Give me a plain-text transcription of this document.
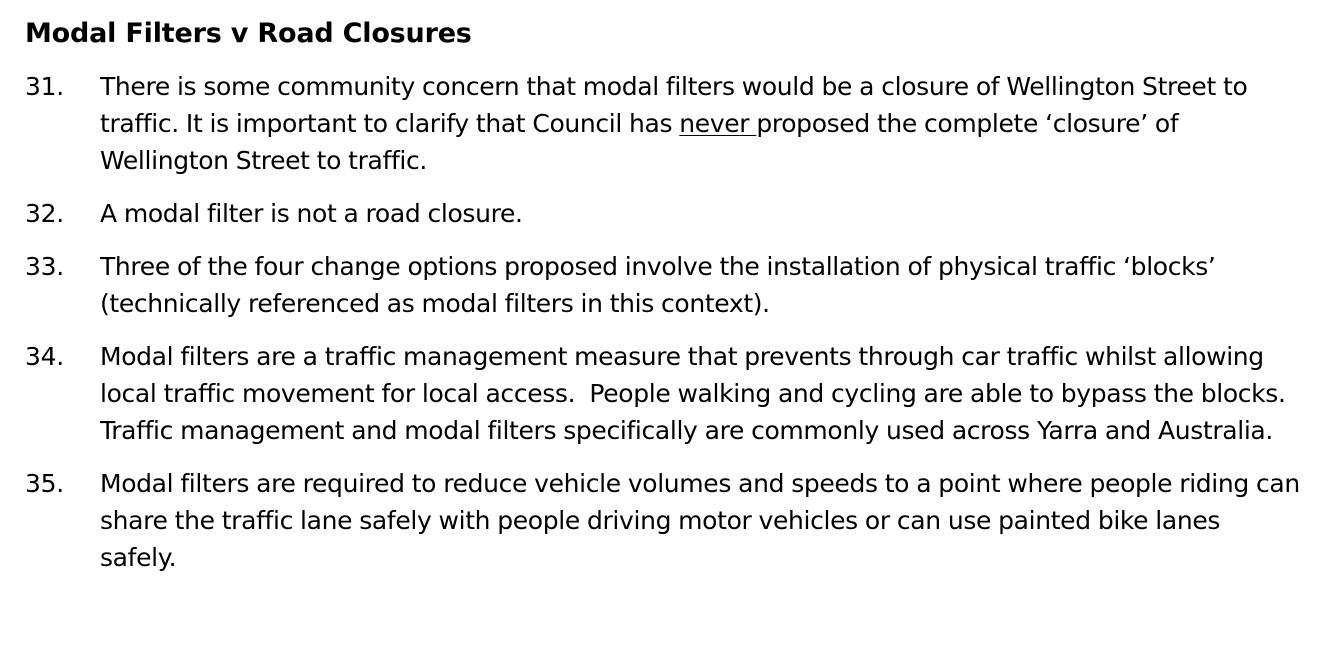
Modal Filters v Road Closures
31.	There is some community concern that modal filters would be a closure of Wellington Street to traffic. It is important to clarify that Council has never proposed the complete ‘closure’ of Wellington Street to traffic.
32.	A modal filter is not a road closure.
33.	Three of the four change options proposed involve the installation of physical traffic ‘blocks’ (technically referenced as modal filters in this context).
34.	Modal filters are a traffic management measure that prevents through car traffic whilst allowing local traffic movement for local access.  People walking and cycling are able to bypass the blocks. Traffic management and modal filters specifically are commonly used across Yarra and Australia.
35.	Modal filters are required to reduce vehicle volumes and speeds to a point where people riding can share the traffic lane safely with people driving motor vehicles or can use painted bike lanes safely.
